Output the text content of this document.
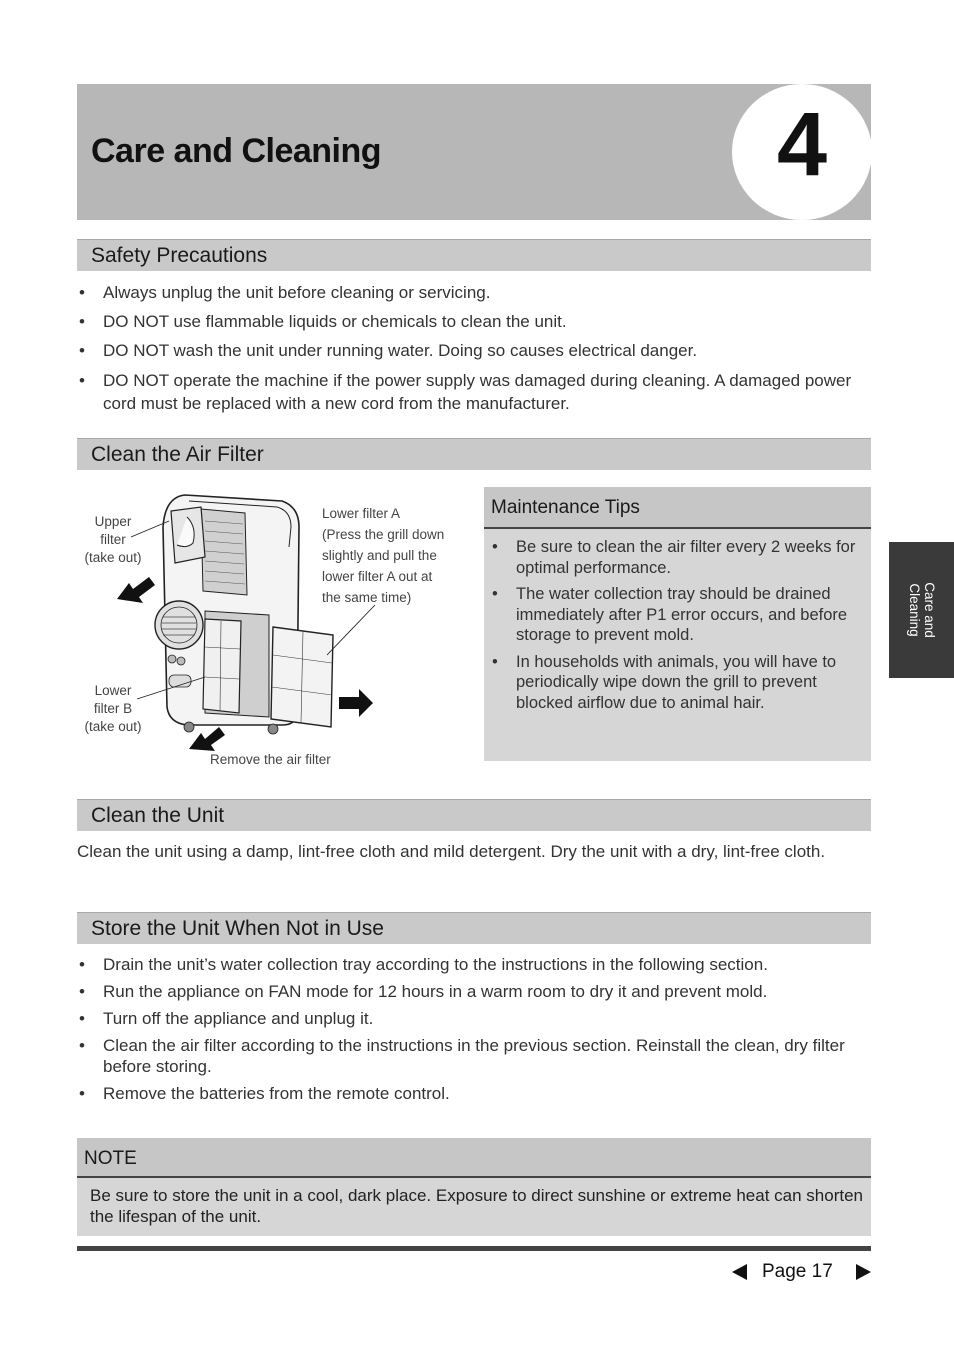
Care and Cleaning	4
Care and
Cleaning
Safety Precautions
• Always unplug the unit before cleaning or servicing.
• DO NOT use flammable liquids or chemicals to clean the unit.
• DO NOT wash the unit under running water. Doing so causes electrical danger.
• DO NOT operate the machine if the power supply was damaged during cleaning. A damaged power cord must be replaced with a new cord from the manufacturer.
Clean the Air Filter
Upper
filter
(take out)
Lower filter A
(Press the grill down
slightly and pull the
lower filter A out at
the same time)
Lower
filter B
(take out)
Remove the air filter
Maintenance Tips
• Be sure to clean the air filter every 2 weeks for optimal performance.
• The water collection tray should be drained immediately after P1 error occurs, and before storage to prevent mold.
• In households with animals, you will have to periodically wipe down the grill to prevent blocked airflow due to animal hair.
Clean the Unit

Clean the unit using a damp, lint-free cloth and mild detergent. Dry the unit with a dry, lint-free cloth.

Store the Unit When Not in Use
• Drain the unit’s water collection tray according to the instructions in the following section.
• Run the appliance on FAN mode for 12 hours in a warm room to dry it and prevent mold.
• Turn off the appliance and unplug it.
• Clean the air filter according to the instructions in the previous section. Reinstall the clean, dry filter before storing.
• Remove the batteries from the remote control.
NOTE

Be sure to store the unit in a cool, dark place. Exposure to direct sunshine or extreme heat can shorten the lifespan of the unit.

Page 17
